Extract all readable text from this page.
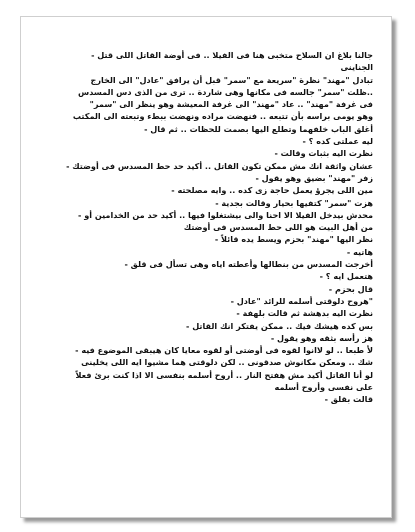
جالنا بلاغ ان السلاح متخبى هنا فى الفيلا .. فى أوضة القاتل اللى قتل -
الجناينى
تبادل "مهند" نظرة "سريعة مع "سمر" قبل أن يرافق "عادل" الى الخارج
..ظلت "سمر" جالسه فى مكانها وهى شاردة .. ترى من الذى دس المسدس
فى غرفة "مهند" .. عاد "مهند" الى غرفة المعيشة وهو ينظر الى "سمر"
وهو يومى براسه بأن تتبعه .. فنهضت مراده ونهضت ببطء وتبعته الى المكتب
أغلق الباب خلفهما وتطلع اليها بصمت للحظات .. ثم قال -
ليه عملتى كده ؟ -
نظرت اليه بثبات وقالت -
عشان واثقة انك مش ممكن تكون القاتل .. أكيد حد حط المسدس فى أوضتك -
زفر "مهند" بضيق وهو يقول -
مين اللى يجرؤ يعمل حاجة زى كده .. وايه مصلحته -
هزت "سمر" كتفيها بحيار وقالت بجدية -
محدش بيدخل الفيلا الا احنا والى بيشتغلوا فيها .. أكيد حد من الخدامين أو -
من أهل البيت هو اللى حط المسدس فى أوضتك
نظر اليها "مهند" بحزم ويسط يده قائلاً -
هاتيه -
أخرجت المسدس من بنطالها وأعطته اياه وهى تسأل فى قلق -
هتعمل ايه ؟ -
قال بحزم -
"هروح دلوقتى أسلمه للرائد "عادل -
نظرت اليه بدهشة ثم قالت بلهفة -
بس كده هيشك فيك .. ممكن يفتكر انك القاتل -
هز رأسه بثقه وهو يقول -
لأ طبعا .. لو لاانوا لقوه فى أوضتى أو لقوه معايا كان هيبقى الموضوع فيه -
شك .. ومعكن مكانوش صدقونى .. لكن دلوقتى هما مشيوا ايه اللى يخلينى
لو أنا القاتل أكيد مش هفتح النار .. أروح أسلمه بنفسى الا اذا كنت برئ فعلاً
على نفسى وأروح أسلمه
قالت بقلق -
